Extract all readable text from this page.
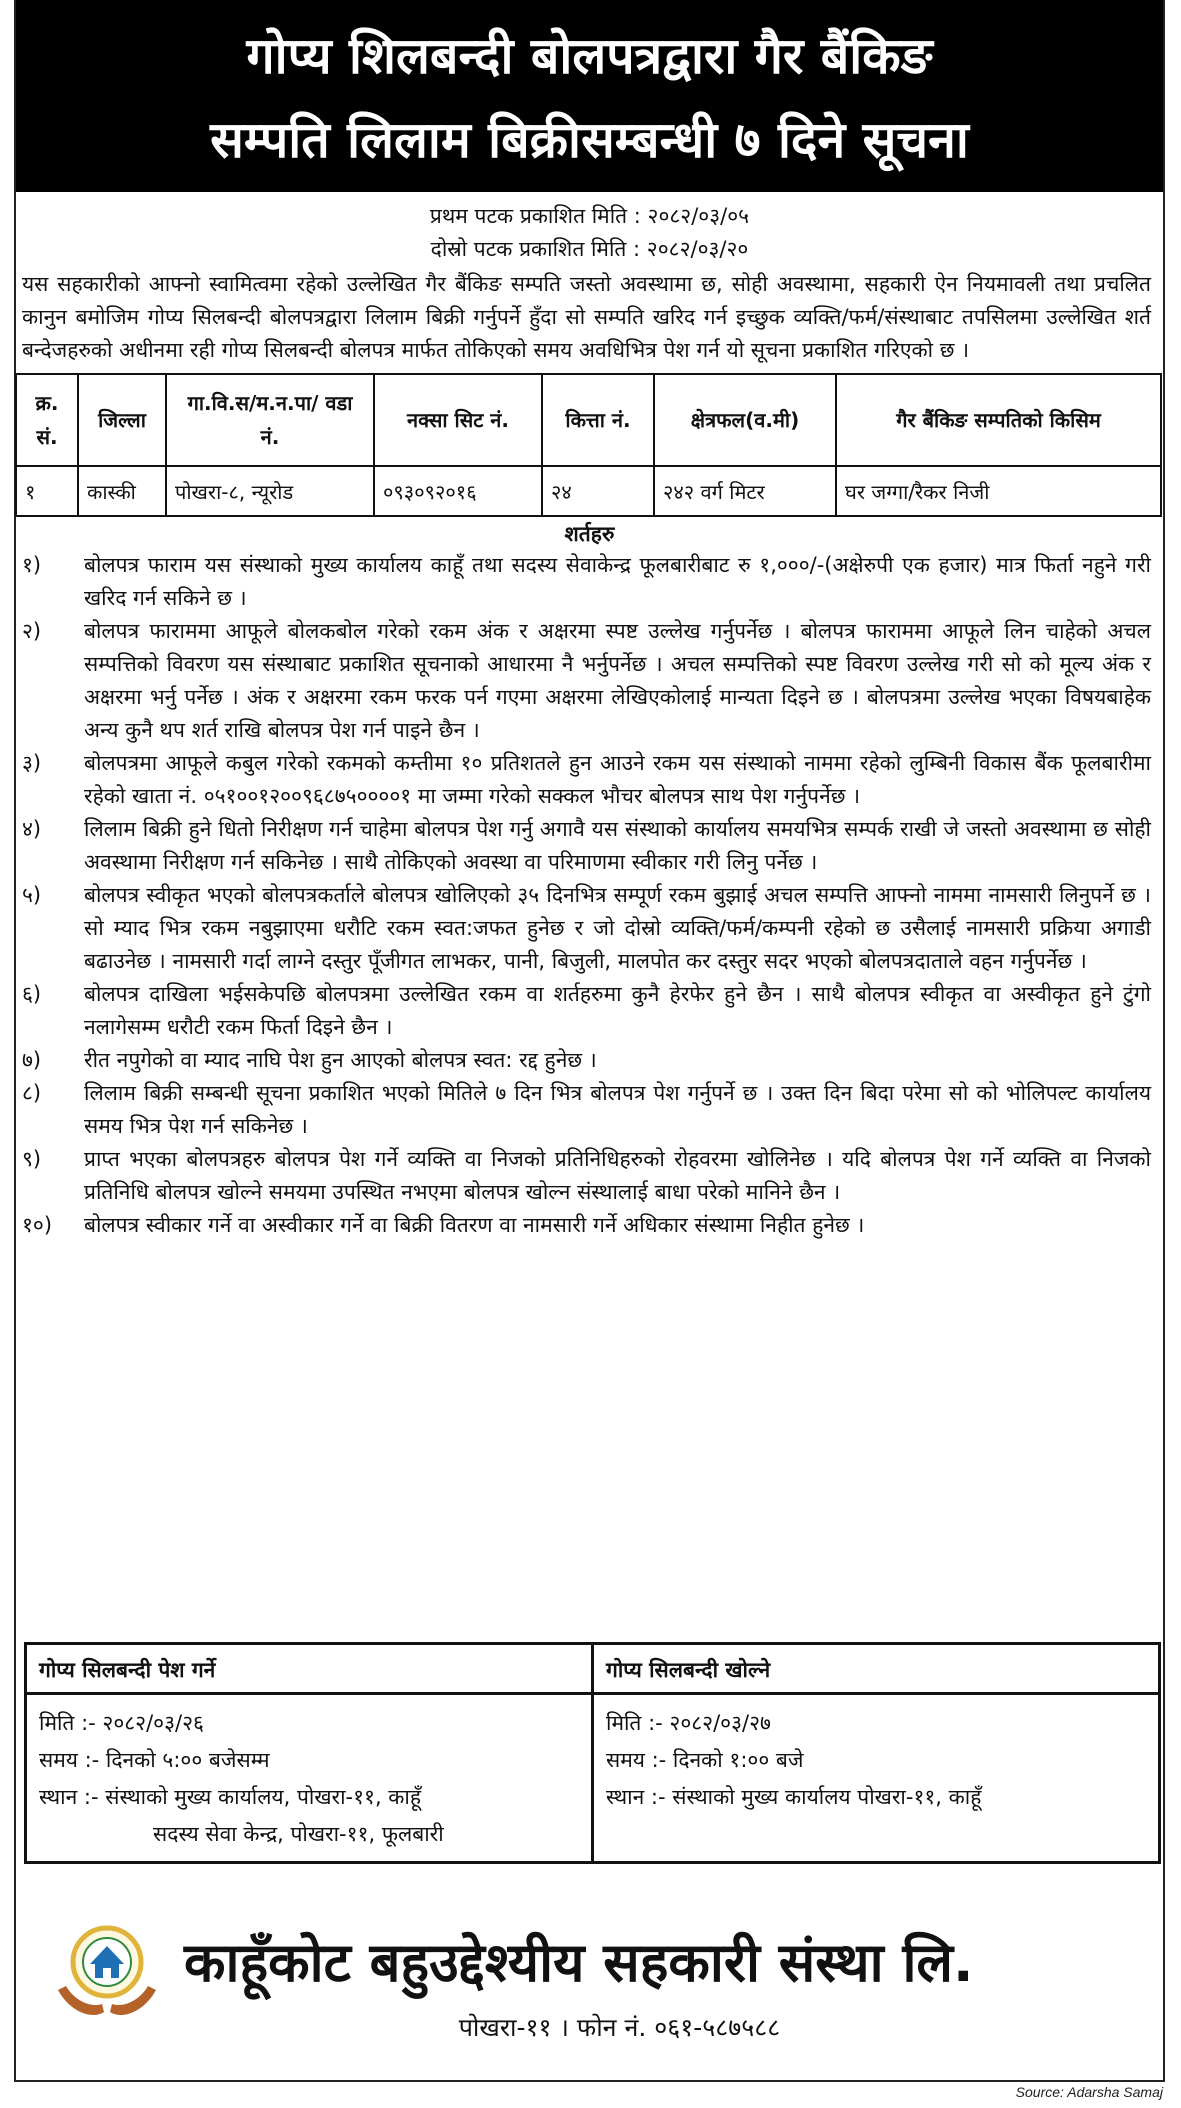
गोप्य शिलबन्दी बोलपत्रद्वारा गैर बैंकिङ
सम्पति लिलाम बिक्रीसम्बन्धी ७ दिने सूचना
प्रथम पटक प्रकाशित मिति : २०८२/०३/०५
दोस्रो पटक प्रकाशित मिति : २०८२/०३/२०
यस सहकारीको आफ्नो स्वामित्वमा रहेको उल्लेखित गैर बैंकिङ सम्पति जस्तो अवस्थामा छ, सोही अवस्थामा, सहकारी ऐन नियमावली तथा प्रचलित कानुन बमोजिम गोप्य सिलबन्दी बोलपत्रद्वारा लिलाम बिक्री गर्नुपर्ने हुँदा सो सम्पति खरिद गर्न इच्छुक व्यक्ति/फर्म/संस्थाबाट तपसिलमा उल्लेखित शर्त बन्देजहरुको अधीनमा रही गोप्य सिलबन्दी बोलपत्र मार्फत तोकिएको समय अवधिभित्र पेश गर्न यो सूचना प्रकाशित गरिएको छ ।
क्र. सं.	जिल्ला	गा.वि.स/म.न.पा/ वडा नं.	नक्सा सिट नं.	कित्ता नं.	क्षेत्रफल(व.मी)	गैर बैंकिङ सम्पतिको किसिम
१	कास्की	पोखरा-८, न्यूरोड	०९३०९२०१६	२४	२४२ वर्ग मिटर	घर जग्गा/रैकर निजी
शर्तहरु
१)	बोलपत्र फाराम यस संस्थाको मुख्य कार्यालय काहूँ तथा सदस्य सेवाकेन्द्र फूलबारीबाट रु १,०००/-(अक्षेरुपी एक हजार) मात्र फिर्ता नहुने गरी खरिद गर्न सकिने छ ।
२)	बोलपत्र फाराममा आफूले बोलकबोल गरेको रकम अंक र अक्षरमा स्पष्ट उल्लेख गर्नुपर्नेछ । बोलपत्र फाराममा आफूले लिन चाहेको अचल सम्पत्तिको विवरण यस संस्थाबाट प्रकाशित सूचनाको आधारमा नै भर्नुपर्नेछ । अचल सम्पत्तिको स्पष्ट विवरण उल्लेख गरी सो को मूल्य अंक र अक्षरमा भर्नु पर्नेछ । अंक र अक्षरमा रकम फरक पर्न गएमा अक्षरमा लेखिएकोलाई मान्यता दिइने छ । बोलपत्रमा उल्लेख भएका विषयबाहेक अन्य कुनै थप शर्त राखि बोलपत्र पेश गर्न पाइने छैन ।
३)	बोलपत्रमा आफूले कबुल गरेको रकमको कम्तीमा १० प्रतिशतले हुन आउने रकम यस संस्थाको नाममा रहेको लुम्बिनी विकास बैंक फूलबारीमा रहेको खाता नं. ०५१००१२००९६८७५००००१ मा जम्मा गरेको सक्कल भौचर बोलपत्र साथ पेश गर्नुपर्नेछ ।
४)	लिलाम बिक्री हुने धितो निरीक्षण गर्न चाहेमा बोलपत्र पेश गर्नु अगावै यस संस्थाको कार्यालय समयभित्र सम्पर्क राखी जे जस्तो अवस्थामा छ सोही अवस्थामा निरीक्षण गर्न सकिनेछ । साथै तोकिएको अवस्था वा परिमाणमा स्वीकार गरी लिनु पर्नेछ ।
५)	बोलपत्र स्वीकृत भएको बोलपत्रकर्ताले बोलपत्र खोलिएको ३५ दिनभित्र सम्पूर्ण रकम बुझाई अचल सम्पत्ति आफ्नो नाममा नामसारी लिनुपर्ने छ । सो म्याद भित्र रकम नबुझाएमा धरौटि रकम स्वत:जफत हुनेछ र जो दोस्रो व्यक्ति/फर्म/कम्पनी रहेको छ उसैलाई नामसारी प्रक्रिया अगाडी बढाउनेछ । नामसारी गर्दा लाग्ने दस्तुर पूँजीगत लाभकर, पानी, बिजुली, मालपोत कर दस्तुर सदर भएको बोलपत्रदाताले वहन गर्नुपर्नेछ ।
६)	बोलपत्र दाखिला भईसकेपछि बोलपत्रमा उल्लेखित रकम वा शर्तहरुमा कुनै हेरफेर हुने छैन । साथै बोलपत्र स्वीकृत वा अस्वीकृत हुने टुंगो नलागेसम्म धरौटी रकम फिर्ता दिइने छैन ।
७)	रीत नपुगेको वा म्याद नाघि पेश हुन आएको बोलपत्र स्वत: रद्द हुनेछ ।
८)	लिलाम बिक्री सम्बन्धी सूचना प्रकाशित भएको मितिले ७ दिन भित्र बोलपत्र पेश गर्नुपर्ने छ । उक्त दिन बिदा परेमा सो को भोलिपल्ट कार्यालय समय भित्र पेश गर्न सकिनेछ ।
९)	प्राप्त भएका बोलपत्रहरु बोलपत्र पेश गर्ने व्यक्ति वा निजको प्रतिनिधिहरुको रोहवरमा खोलिनेछ । यदि बोलपत्र पेश गर्ने व्यक्ति वा निजको प्रतिनिधि बोलपत्र खोल्ने समयमा उपस्थित नभएमा बोलपत्र खोल्न संस्थालाई बाधा परेको मानिने छैन ।
१०)	बोलपत्र स्वीकार गर्ने वा अस्वीकार गर्ने वा बिक्री वितरण वा नामसारी गर्ने अधिकार संस्थामा निहीत हुनेछ ।
गोप्य सिलबन्दी पेश गर्ने
मिति :- २०८२/०३/२६
समय :- दिनको ५:०० बजेसम्म
स्थान :- संस्थाको मुख्य कार्यालय, पोखरा-११, काहूँ
सदस्य सेवा केन्द्र, पोखरा-११, फूलबारी
गोप्य सिलबन्दी खोल्ने
मिति :- २०८२/०३/२७
समय :- दिनको १:०० बजे
स्थान :- संस्थाको मुख्य कार्यालय पोखरा-११, काहूँ
काहूँकोट बहुउद्देश्यीय सहकारी संस्था लि.
पोखरा-११ । फोन नं. ०६१-५८७५८८
Source: Adarsha Samaj
